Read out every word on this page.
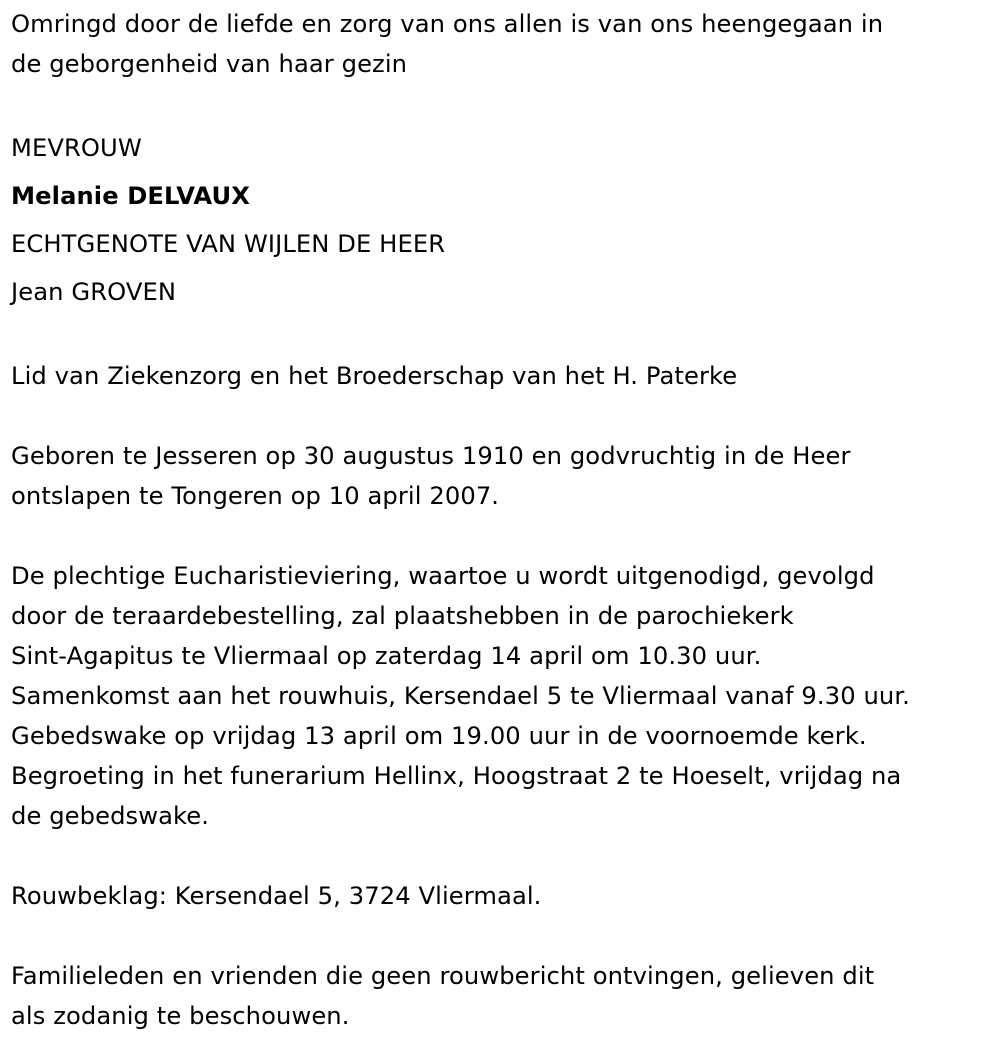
Omringd door de liefde en zorg van ons allen is van ons heengegaan in
de geborgenheid van haar gezin
MEVROUW
Melanie DELVAUX
ECHTGENOTE VAN WIJLEN DE HEER
Jean GROVEN
Lid van Ziekenzorg en het Broederschap van het H. Paterke
Geboren te Jesseren op 30 augustus 1910 en godvruchtig in de Heer
ontslapen te Tongeren op 10 april 2007.
De plechtige Eucharistieviering, waartoe u wordt uitgenodigd, gevolgd
door de teraardebestelling, zal plaatshebben in de parochiekerk
Sint-Agapitus te Vliermaal op zaterdag 14 april om 10.30 uur.
Samenkomst aan het rouwhuis, Kersendael 5 te Vliermaal vanaf 9.30 uur.
Gebedswake op vrijdag 13 april om 19.00 uur in de voornoemde kerk.
Begroeting in het funerarium Hellinx, Hoogstraat 2 te Hoeselt, vrijdag na
de gebedswake.
Rouwbeklag: Kersendael 5, 3724 Vliermaal.
Familieleden en vrienden die geen rouwbericht ontvingen, gelieven dit
als zodanig te beschouwen.
